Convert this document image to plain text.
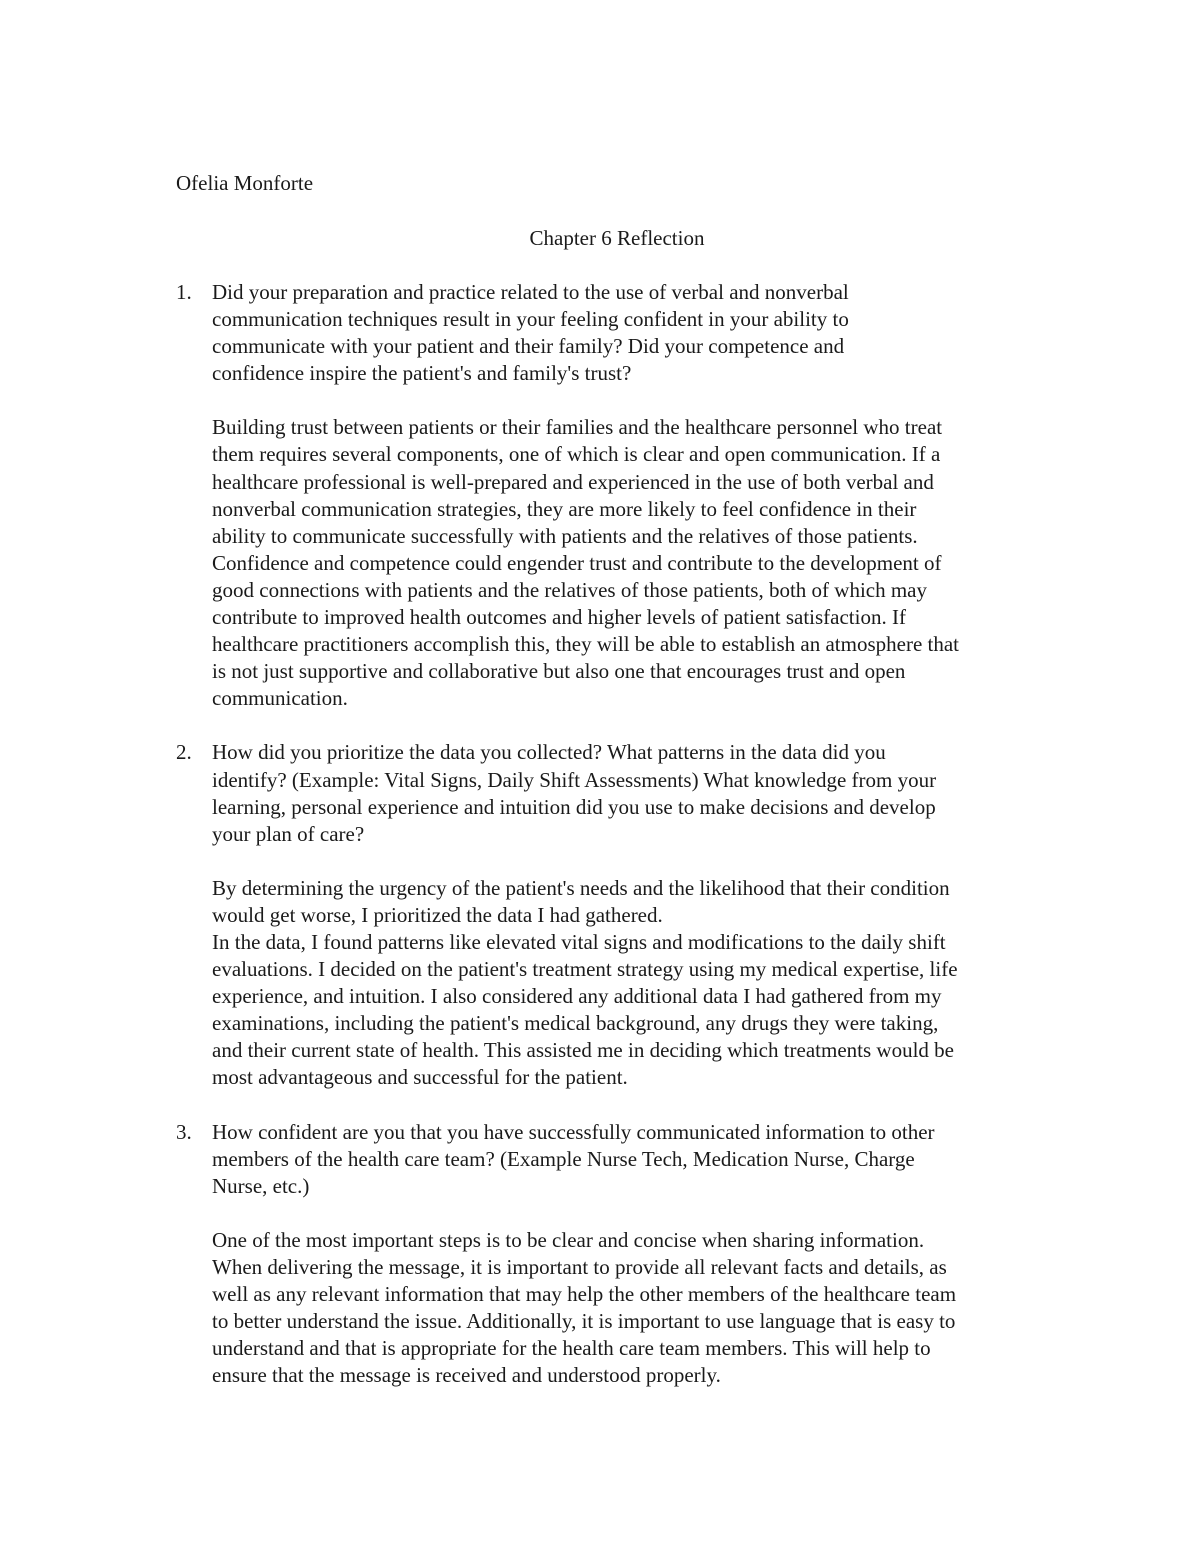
Ofelia Monforte

Chapter 6 Reflection

1. Did your preparation and practice related to the use of verbal and nonverbal
communication techniques result in your feeling confident in your ability to
communicate with your patient and their family? Did your competence and
confidence inspire the patient's and family's trust?

Building trust between patients or their families and the healthcare personnel who treat
them requires several components, one of which is clear and open communication. If a
healthcare professional is well-prepared and experienced in the use of both verbal and
nonverbal communication strategies, they are more likely to feel confidence in their
ability to communicate successfully with patients and the relatives of those patients.
Confidence and competence could engender trust and contribute to the development of
good connections with patients and the relatives of those patients, both of which may
contribute to improved health outcomes and higher levels of patient satisfaction. If
healthcare practitioners accomplish this, they will be able to establish an atmosphere that
is not just supportive and collaborative but also one that encourages trust and open
communication.

2. How did you prioritize the data you collected? What patterns in the data did you
identify? (Example: Vital Signs, Daily Shift Assessments) What knowledge from your
learning, personal experience and intuition did you use to make decisions and develop
your plan of care?

By determining the urgency of the patient's needs and the likelihood that their condition
would get worse, I prioritized the data I had gathered.
In the data, I found patterns like elevated vital signs and modifications to the daily shift
evaluations. I decided on the patient's treatment strategy using my medical expertise, life
experience, and intuition. I also considered any additional data I had gathered from my
examinations, including the patient's medical background, any drugs they were taking,
and their current state of health. This assisted me in deciding which treatments would be
most advantageous and successful for the patient.

3. How confident are you that you have successfully communicated information to other
members of the health care team? (Example Nurse Tech, Medication Nurse, Charge
Nurse, etc.)

One of the most important steps is to be clear and concise when sharing information.
When delivering the message, it is important to provide all relevant facts and details, as
well as any relevant information that may help the other members of the healthcare team
to better understand the issue. Additionally, it is important to use language that is easy to
understand and that is appropriate for the health care team members. This will help to
ensure that the message is received and understood properly.
